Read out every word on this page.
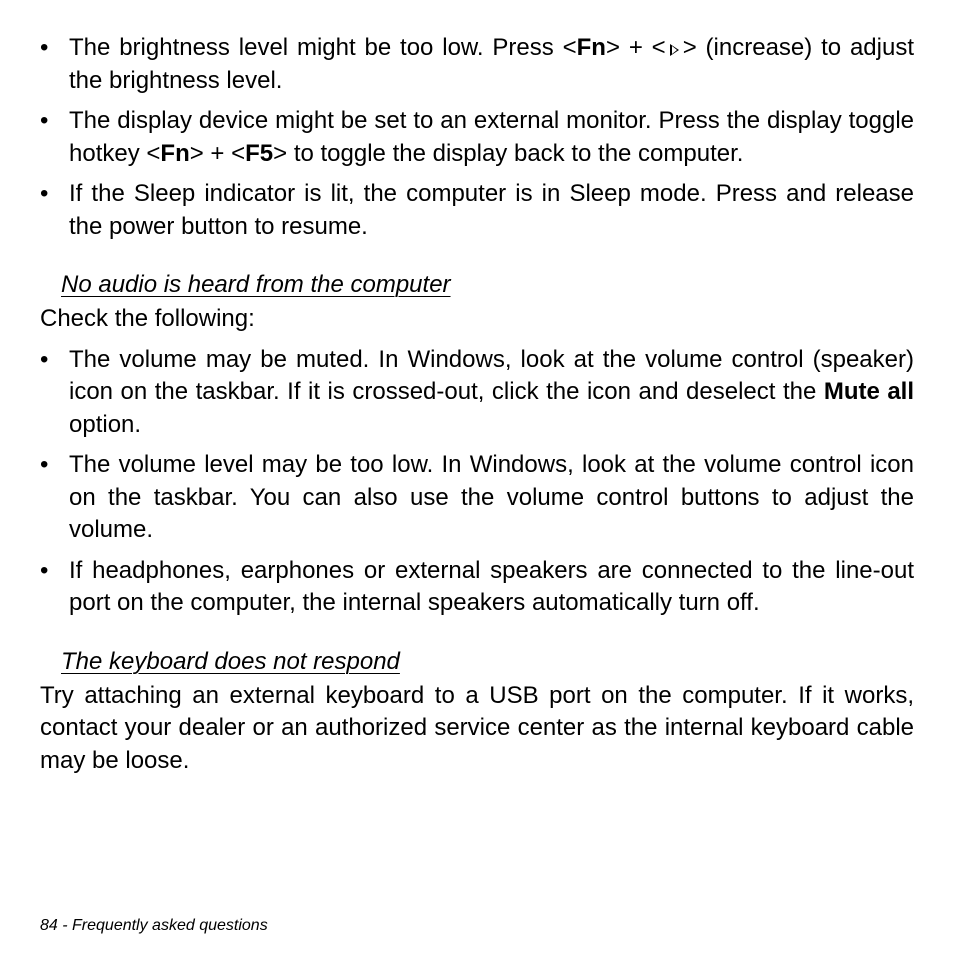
• The brightness level might be too low. Press <Fn> + < > (increase) to adjust the brightness level.
• The display device might be set to an external monitor. Press the display toggle hotkey <Fn> + <F5> to toggle the display back to the computer.
• If the Sleep indicator is lit, the computer is in Sleep mode. Press and release the power button to resume.
No audio is heard from the computer
Check the following:
• The volume may be muted. In Windows, look at the volume control (speaker) icon on the taskbar. If it is crossed-out, click the icon and deselect the Mute all option.
• The volume level may be too low. In Windows, look at the volume control icon on the taskbar. You can also use the volume control buttons to adjust the volume.
• If headphones, earphones or external speakers are connected to the line-out port on the computer, the internal speakers automatically turn off.
The keyboard does not respond
Try attaching an external keyboard to a USB port on the computer. If it works, contact your dealer or an authorized service center as the internal keyboard cable may be loose.
84 - Frequently asked questions
